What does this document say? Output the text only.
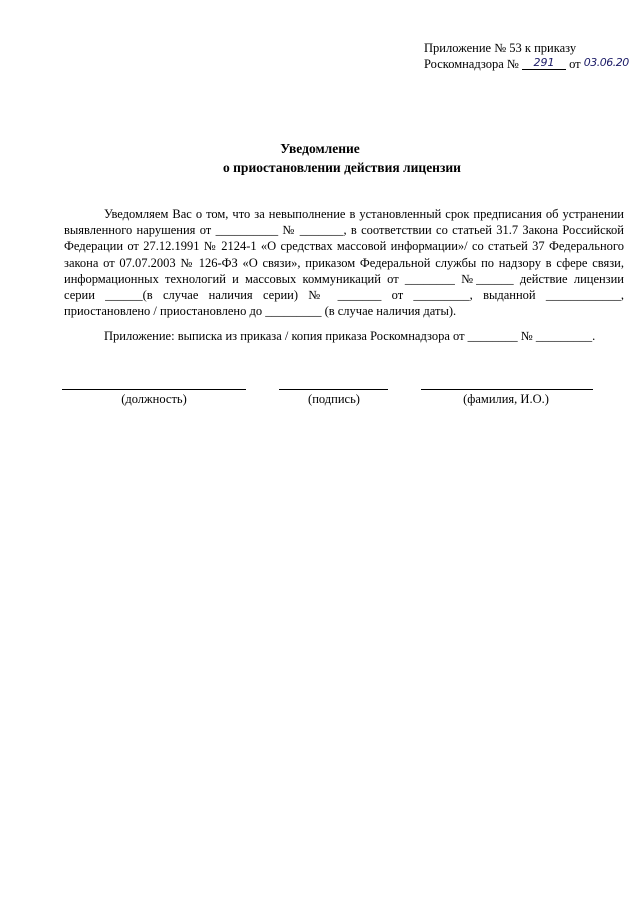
Приложение № 53 к приказу
Роскомнадзора № 291 от 03.06.20
Уведомление
о приостановлении действия лицензии

Уведомляем Вас о том, что за невыполнение в установленный срок предписания об устранении выявленного нарушения от __________ № _______, в соответствии со статьей 31.7 Закона Российской Федерации от 27.12.1991 № 2124-1 «О средствах массовой информации»/ со статьей 37 Федерального закона от 07.07.2003 № 126-ФЗ «О связи», приказом Федеральной службы по надзору в сфере связи, информационных технологий и массовых коммуникаций от ________ №______ действие лицензии серии ______(в случае наличия серии) № _______ от _________, выданной ____________, приостановлено / приостановлено до _________ (в случае наличия даты).

Приложение: выписка из приказа / копия приказа Роскомнадзора от ________ № _________.

(должность)	(подпись)	(фамилия, И.О.)
